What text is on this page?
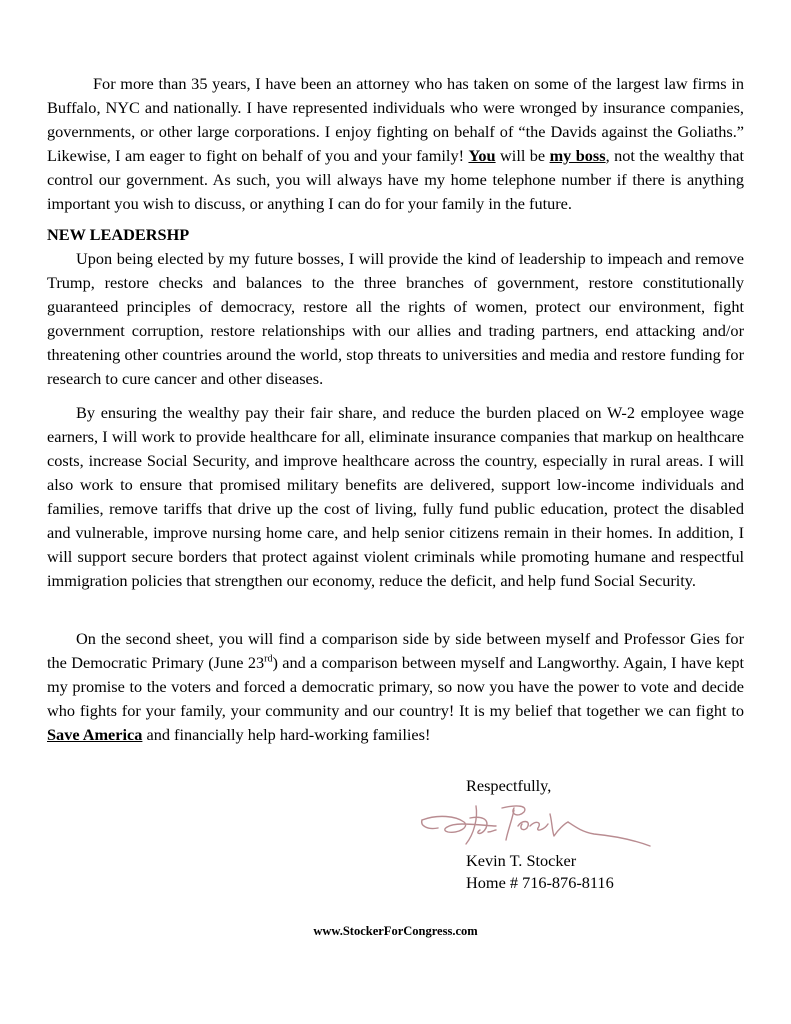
For more than 35 years, I have been an attorney who has taken on some of the largest law firms in Buffalo, NYC and nationally. I have represented individuals who were wronged by insurance companies, governments, or other large corporations. I enjoy fighting on behalf of “the Davids against the Goliaths.” Likewise, I am eager to fight on behalf of you and your family! You will be my boss, not the wealthy that control our government. As such, you will always have my home telephone number if there is anything important you wish to discuss, or anything I can do for your family in the future.

NEW LEADERSHP

Upon being elected by my future bosses, I will provide the kind of leadership to impeach and remove Trump, restore checks and balances to the three branches of government, restore constitutionally guaranteed principles of democracy, restore all the rights of women, protect our environment, fight government corruption, restore relationships with our allies and trading partners, end attacking and/or threatening other countries around the world, stop threats to universities and media and restore funding for research to cure cancer and other diseases.

By ensuring the wealthy pay their fair share, and reduce the burden placed on W-2 employee wage earners, I will work to provide healthcare for all, eliminate insurance companies that markup on healthcare costs, increase Social Security, and improve healthcare across the country, especially in rural areas. I will also work to ensure that promised military benefits are delivered, support low-income individuals and families, remove tariffs that drive up the cost of living, fully fund public education, protect the disabled and vulnerable, improve nursing home care, and help senior citizens remain in their homes. In addition, I will support secure borders that protect against violent criminals while promoting humane and respectful immigration policies that strengthen our economy, reduce the deficit, and help fund Social Security.

On the second sheet, you will find a comparison side by side between myself and Professor Gies for the Democratic Primary (June 23rd) and a comparison between myself and Langworthy. Again, I have kept my promise to the voters and forced a democratic primary, so now you have the power to vote and decide who fights for your family, your community and our country! It is my belief that together we can fight to Save America and financially help hard-working families!

Respectfully,
Kevin T. Stocker
Home # 716-876-8116
www.StockerForCongress.com
